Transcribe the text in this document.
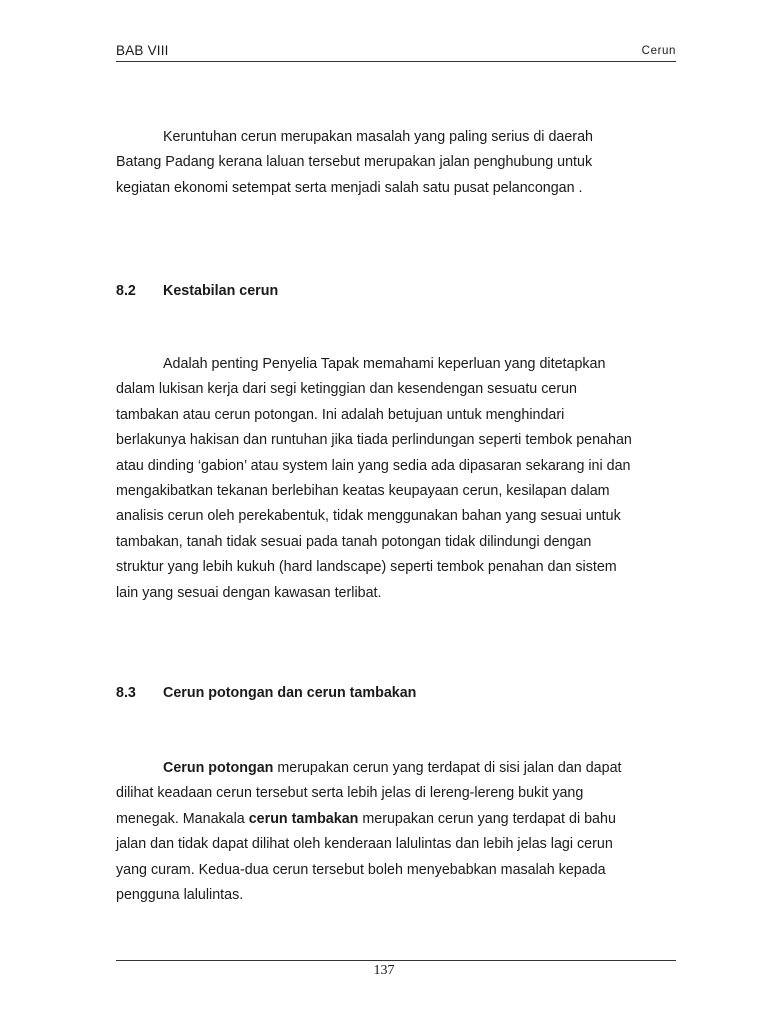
BAB VIII	Cerun
Keruntuhan cerun merupakan masalah yang paling serius di daerah
Batang Padang kerana laluan tersebut merupakan jalan penghubung untuk
kegiatan ekonomi setempat serta menjadi salah satu pusat pelancongan .
8.2 Kestabilan cerun
Adalah penting Penyelia Tapak memahami keperluan yang ditetapkan
dalam lukisan kerja dari segi ketinggian dan kesendengan sesuatu cerun
tambakan atau cerun potongan. Ini adalah betujuan untuk menghindari
berlakunya hakisan dan runtuhan jika tiada perlindungan seperti tembok penahan
atau dinding ‘gabion’ atau system lain yang sedia ada dipasaran sekarang ini dan
mengakibatkan tekanan berlebihan keatas keupayaan cerun, kesilapan dalam
analisis cerun oleh perekabentuk, tidak menggunakan bahan yang sesuai untuk
tambakan, tanah tidak sesuai pada tanah potongan tidak dilindungi dengan
struktur yang lebih kukuh (hard landscape) seperti tembok penahan dan sistem
lain yang sesuai dengan kawasan terlibat.
8.3 Cerun potongan dan cerun tambakan
Cerun potongan merupakan cerun yang terdapat di sisi jalan dan dapat
dilihat keadaan cerun tersebut serta lebih jelas di lereng-lereng bukit yang
menegak. Manakala cerun tambakan merupakan cerun yang terdapat di bahu
jalan dan tidak dapat dilihat oleh kenderaan lalulintas dan lebih jelas lagi cerun
yang curam. Kedua-dua cerun tersebut boleh menyebabkan masalah kepada
pengguna lalulintas.
137
